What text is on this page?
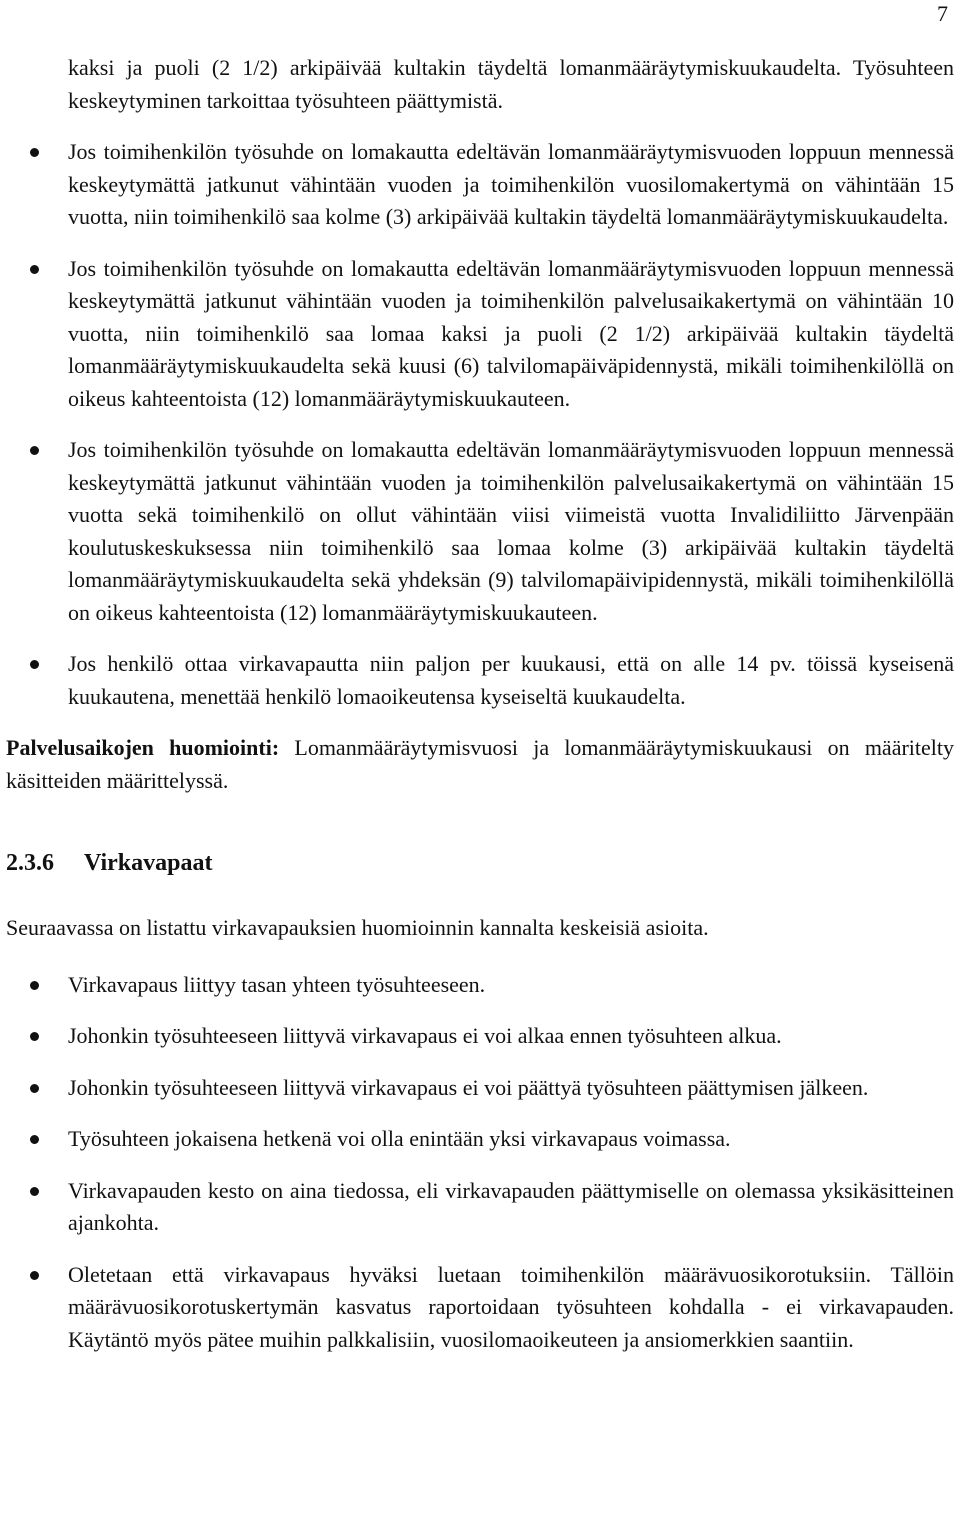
7

kaksi ja puoli (2 1/2) arkipäivää kultakin täydeltä lomanmääräytymiskuukaudelta. Työsuhteen keskeytyminen tarkoittaa työsuhteen päättymistä.

Jos toimihenkilön työsuhde on lomakautta edeltävän lomanmääräytymisvuoden loppuun mennessä keskeytymättä jatkunut vähintään vuoden ja toimihenkilön vuosilomakertymä on vähintään 15 vuotta, niin toimihenkilö saa kolme (3) arkipäivää kultakin täydeltä lomanmääräytymiskuukaudelta.
Jos toimihenkilön työsuhde on lomakautta edeltävän lomanmääräytymisvuoden loppuun mennessä keskeytymättä jatkunut vähintään vuoden ja toimihenkilön palvelusaikakertymä on vähintään 10 vuotta, niin toimihenkilö saa lomaa kaksi ja puoli (2 1/2) arkipäivää kultakin täydeltä lomanmääräytymiskuukaudelta sekä kuusi (6) talvilomapäiväpidennystä, mikäli toimihenkilöllä on oikeus kahteentoista (12) lomanmääräytymiskuukauteen.
Jos toimihenkilön työsuhde on lomakautta edeltävän lomanmääräytymisvuoden loppuun mennessä keskeytymättä jatkunut vähintään vuoden ja toimihenkilön palvelusaikakertymä on vähintään 15 vuotta sekä toimihenkilö on ollut vähintään viisi viimeistä vuotta Invalidiliitto Järvenpään koulutuskeskuksessa niin toimihenkilö saa lomaa kolme (3) arkipäivää kultakin täydeltä lomanmääräytymiskuukaudelta sekä yhdeksän (9) talvilomapäivipidennystä, mikäli toimihenkilöllä on oikeus kahteentoista (12) lomanmääräytymiskuukauteen.
Jos henkilö ottaa virkavapautta niin paljon per kuukausi, että on alle 14 pv. töissä kyseisenä kuukautena, menettää henkilö lomaoikeutensa kyseiseltä kuukaudelta.

Palvelusaikojen huomiointi: Lomanmääräytymisvuosi ja lomanmääräytymiskuukausi on määritelty käsitteiden määrittelyssä.

2.3.6 Virkavapaat

Seuraavassa on listattu virkavapauksien huomioinnin kannalta keskeisiä asioita.

Virkavapaus liittyy tasan yhteen työsuhteeseen.
Johonkin työsuhteeseen liittyvä virkavapaus ei voi alkaa ennen työsuhteen alkua.
Johonkin työsuhteeseen liittyvä virkavapaus ei voi päättyä työsuhteen päättymisen jälkeen.
Työsuhteen jokaisena hetkenä voi olla enintään yksi virkavapaus voimassa.
Virkavapauden kesto on aina tiedossa, eli virkavapauden päättymiselle on olemassa yksikäsitteinen ajankohta.
Oletetaan että virkavapaus hyväksi luetaan toimihenkilön määrävuosikorotuksiin. Tällöin määrävuosikorotuskertymän kasvatus raportoidaan työsuhteen kohdalla - ei virkavapauden. Käytäntö myös pätee muihin palkkalisiin, vuosilomaoikeuteen ja ansiomerkkien saantiin.
